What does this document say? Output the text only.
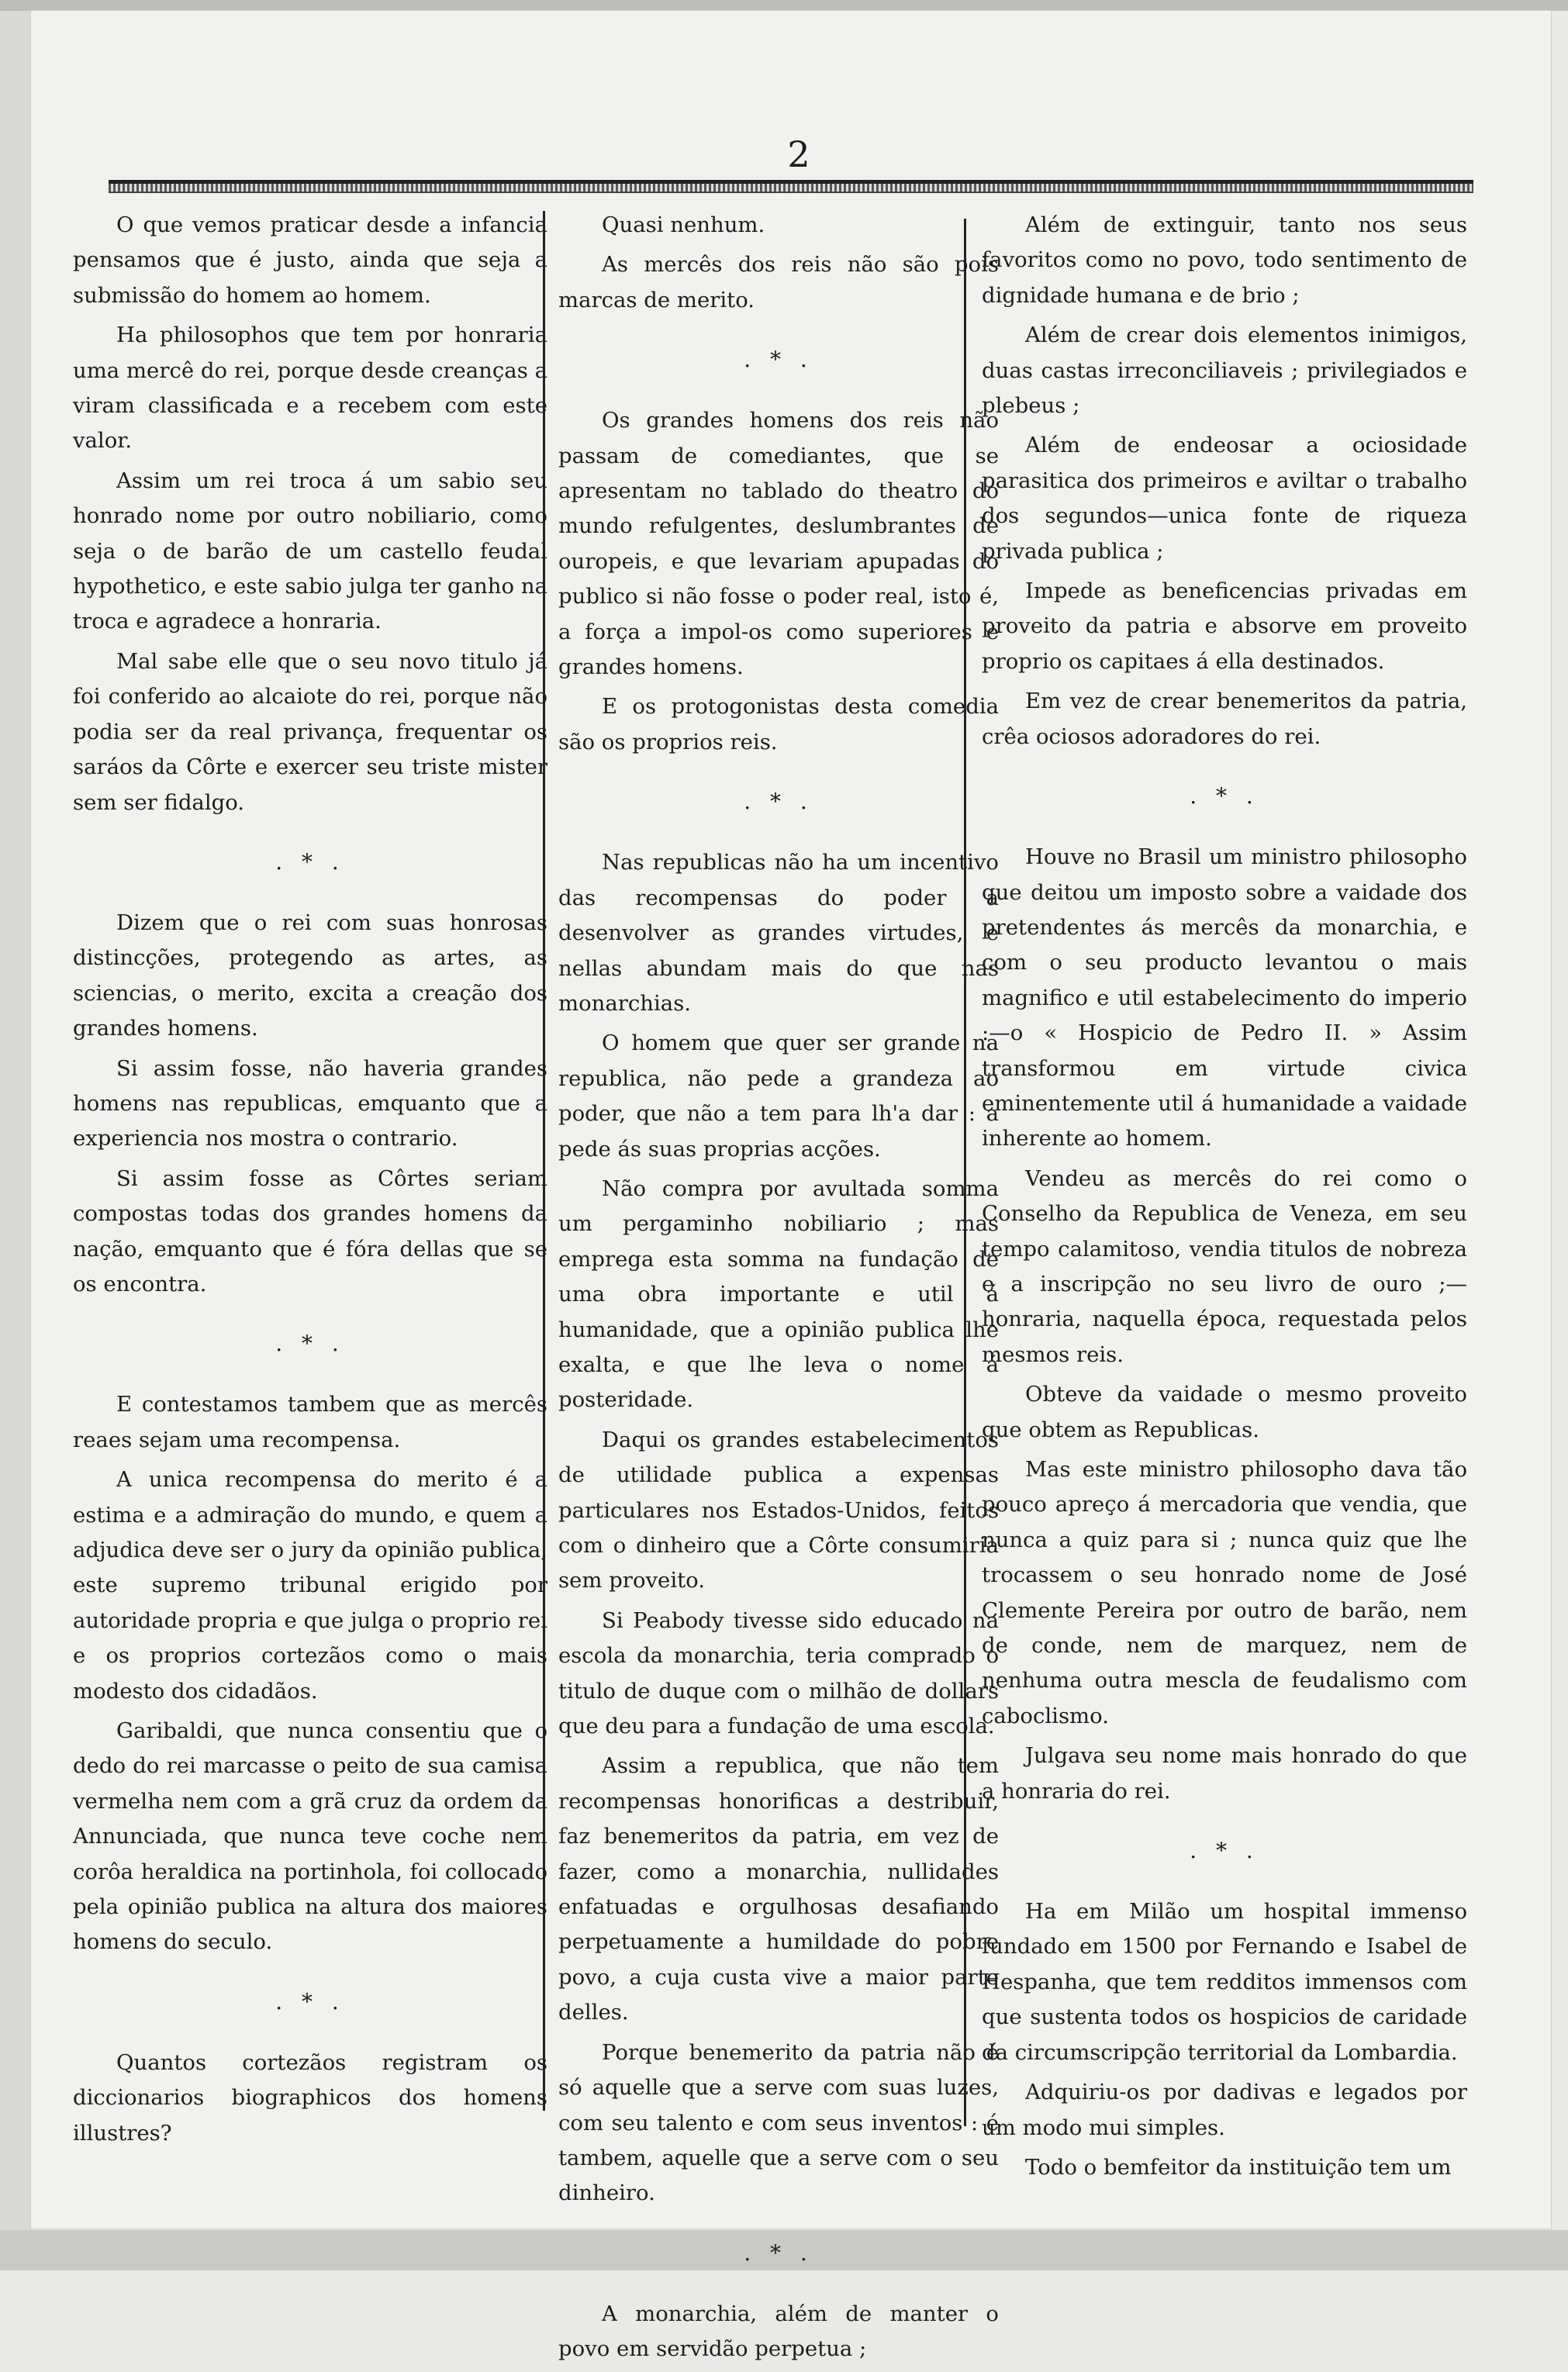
2

O que vemos praticar desde a infancia pensamos que é justo, ainda que seja a submissão do homem ao homem.

Ha philosophos que tem por honraria uma mercê do rei, porque desde creanças a viram classificada e a recebem com este valor.

Assim um rei troca á um sabio seu honrado nome por outro nobiliario, como seja o de barão de um castello feudal hypothetico, e este sabio julga ter ganho na troca e agradece a honraria.

Mal sabe elle que o seu novo titulo já foi conferido ao alcaiote do rei, porque não podia ser da real privança, frequentar os saráos da Côrte e exercer seu triste mister sem ser fidalgo.

. * .

Dizem que o rei com suas honrosas distincções, protegendo as artes, as sciencias, o merito, excita a creação dos grandes homens.

Si assim fosse, não haveria grandes homens nas republicas, emquanto que a experiencia nos mostra o contrario.

Si assim fosse as Côrtes seriam compostas todas dos grandes homens da nação, emquanto que é fóra dellas que se os encontra.

. * .

E contestamos tambem que as mercês reaes sejam uma recompensa.

A unica recompensa do merito é a estima e a admiração do mundo, e quem a adjudica deve ser o jury da opinião publica, este supremo tribunal erigido por autoridade propria e que julga o proprio rei e os proprios cortezãos como o mais modesto dos cidadãos.

Garibaldi, que nunca consentiu que o dedo do rei marcasse o peito de sua camisa vermelha nem com a grã cruz da ordem da Annunciada, que nunca teve coche nem corôa heraldica na portinhola, foi collocado pela opinião publica na altura dos maiores homens do seculo.

. * .

Quantos cortezãos registram os diccionarios biographicos dos homens illustres?

Quasi nenhum.

As mercês dos reis não são pois marcas de merito.

. * .

Os grandes homens dos reis não passam de comediantes, que se apresentam no tablado do theatro do mundo refulgentes, deslumbrantes de ouropeis, e que levariam apupadas do publico si não fosse o poder real, isto é, a força a impol-os como superiores e grandes homens.

E os protogonistas desta comedia são os proprios reis.

. * .

Nas republicas não ha um incentivo das recompensas do poder a desenvolver as grandes virtudes, e nellas abundam mais do que nas monarchias.

O homem que quer ser grande na republica, não pede a grandeza ao poder, que não a tem para lh'a dar : a pede ás suas proprias acções.

Não compra por avultada somma um pergaminho nobiliario ; mas emprega esta somma na fundação de uma obra importante e util á humanidade, que a opinião publica lhe exalta, e que lhe leva o nome á posteridade.

Daqui os grandes estabelecimentos de utilidade publica a expensas particulares nos Estados-Unidos, feitos com o dinheiro que a Côrte consumiria sem proveito.

Si Peabody tivesse sido educado na escola da monarchia, teria comprado o titulo de duque com o milhão de dollars que deu para a fundação de uma escola.

Assim a republica, que não tem recompensas honorificas a destribuir, faz benemeritos da patria, em vez de fazer, como a monarchia, nullidades enfatuadas e orgulhosas desafiando perpetuamente a humildade do pobre povo, a cuja custa vive a maior parte delles.

Porque benemerito da patria não é só aquelle que a serve com suas luzes, com seu talento e com seus inventos : é tambem, aquelle que a serve com o seu dinheiro.

. * .

A monarchia, além de manter o povo em servidão perpetua ;

Além de extinguir, tanto nos seus favoritos como no povo, todo sentimento de dignidade humana e de brio ;

Além de crear dois elementos inimigos, duas castas irreconciliaveis ; privilegiados e plebeus ;

Além de endeosar a ociosidade parasitica dos primeiros e aviltar o trabalho dos segundos—unica fonte de riqueza privada publica ;

Impede as beneficencias privadas em proveito da patria e absorve em proveito proprio os capitaes á ella destinados.

Em vez de crear benemeritos da patria, crêa ociosos adoradores do rei.

. * .

Houve no Brasil um ministro philosopho que deitou um imposto sobre a vaidade dos pretendentes ás mercês da monarchia, e com o seu producto levantou o mais magnifico e util estabelecimento do imperio :—o « Hospicio de Pedro II. » Assim transformou em virtude civica eminentemente util á humanidade a vaidade inherente ao homem.

Vendeu as mercês do rei como o Conselho da Republica de Veneza, em seu tempo calamitoso, vendia titulos de nobreza e a inscripção no seu livro de ouro ;—honraria, naquella época, requestada pelos mesmos reis.

Obteve da vaidade o mesmo proveito que obtem as Republicas.

Mas este ministro philosopho dava tão pouco apreço á mercadoria que vendia, que nunca a quiz para si ; nunca quiz que lhe trocassem o seu honrado nome de José Clemente Pereira por outro de barão, nem de conde, nem de marquez, nem de nenhuma outra mescla de feudalismo com caboclismo.

Julgava seu nome mais honrado do que a honraria do rei.

. * .

Ha em Milão um hospital immenso fundado em 1500 por Fernando e Isabel de Hespanha, que tem redditos immensos com que sustenta todos os hospicios de caridade da circumscripção territorial da Lombardia.

Adquiriu-os por dadivas e legados por um modo mui simples.

Todo o bemfeitor da instituição tem um
